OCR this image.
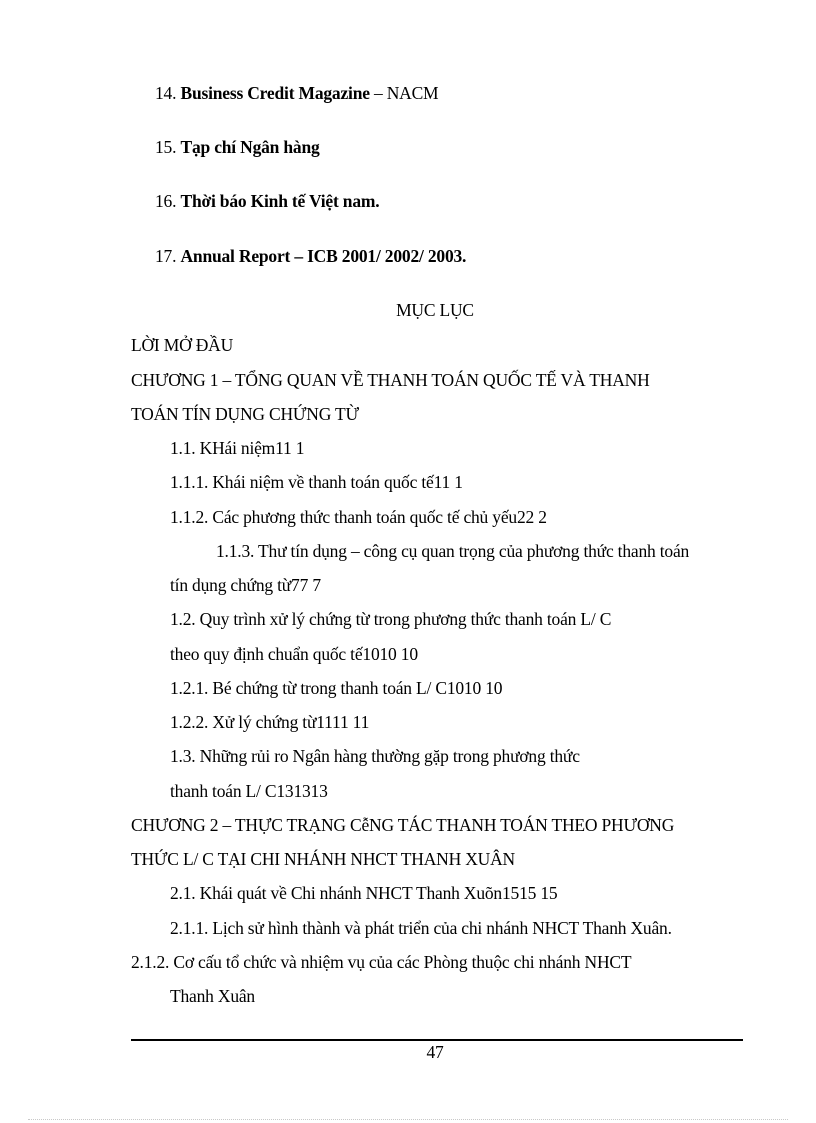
14. Business Credit Magazine – NACM
15. Tạp chí Ngân hàng
16. Thời báo Kinh tế Việt nam.
17. Annual Report – ICB 2001/ 2002/ 2003.
MỤC LỤC
LỜI MỞ ĐẦU
CHƯƠNG 1 – TỔNG QUAN VỀ THANH TOÁN QUỐC TẾ VÀ THANH
TOÁN TÍN DỤNG CHỨNG TỪ
1.1. KHái niệm11 1
1.1.1. Khái niệm về thanh toán quốc tế11 1
1.1.2. Các phương thức thanh toán quốc tế chủ yếu22 2
1.1.3. Thư tín dụng – công cụ quan trọng của phương thức thanh toán
tín dụng chứng từ77 7
1.2. Quy trình xử lý chứng từ trong phương thức thanh toán L/ C
theo quy định chuẩn quốc tế1010 10
1.2.1. Bé chứng từ trong thanh toán L/ C1010 10
1.2.2. Xử lý chứng từ1111 11
1.3. Những rủi ro Ngân hàng thường gặp trong phương thức
thanh toán L/ C131313
CHƯƠNG 2 – THỰC TRẠNG CễNG TÁC THANH TOÁN THEO PHƯƠNG
THỨC L/ C TẠI CHI NHÁNH NHCT THANH XUÂN
2.1. Khái quát về Chi nhánh NHCT Thanh Xuõn1515 15
2.1.1. Lịch sử hình thành và phát triển của chi nhánh NHCT Thanh Xuân.
2.1.2. Cơ cấu tổ chức và nhiệm vụ của các Phòng thuộc chi nhánh NHCT
Thanh Xuân
47
